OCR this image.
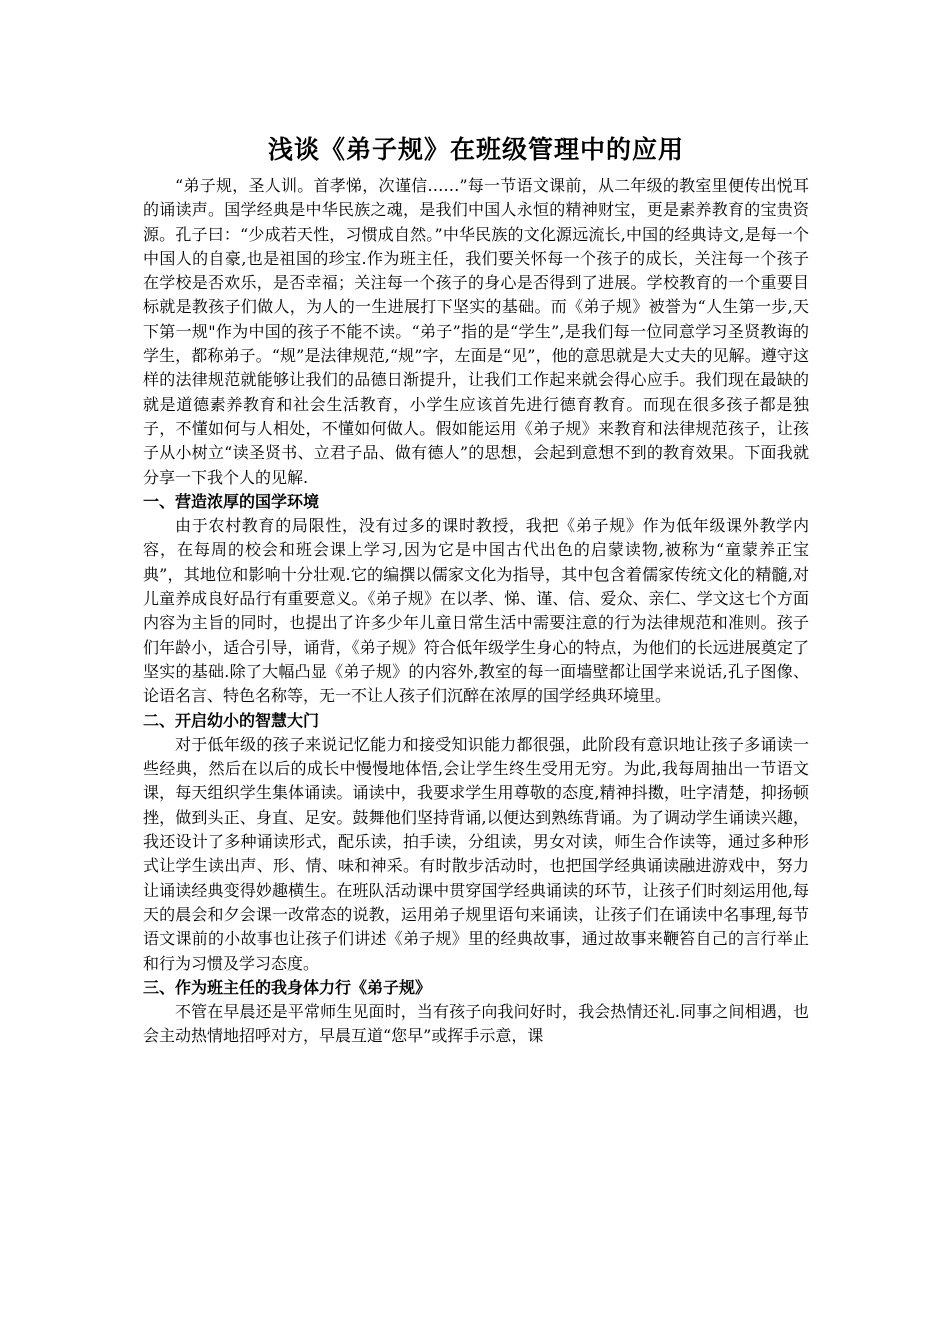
浅谈《弟子规》在班级管理中的应用

“弟子规，圣人训。首孝悌，次谨信……”每一节语文课前，从二年级的教室里便传出悦耳的诵读声。国学经典是中华民族之魂，是我们中国人永恒的精神财宝，更是素养教育的宝贵资源。孔子曰：“少成若天性，习惯成自然。”中华民族的文化源远流长,中国的经典诗文,是每一个中国人的自豪,也是祖国的珍宝.作为班主任，我们要关怀每一个孩子的成长，关注每一个孩子在学校是否欢乐，是否幸福；关注每一个孩子的身心是否得到了进展。学校教育的一个重要目标就是教孩子们做人，为人的一生进展打下坚实的基础。而《弟子规》被誉为“人生第一步,天下第一规"作为中国的孩子不能不读。“弟子”指的是“学生”,是我们每一位同意学习圣贤教诲的学生，都称弟子。“规”是法律规范,“规”字，左面是“见”，他的意思就是大丈夫的见解。遵守这样的法律规范就能够让我们的品德日渐提升，让我们工作起来就会得心应手。我们现在最缺的就是道德素养教育和社会生活教育，小学生应该首先进行德育教育。而现在很多孩子都是独子，不懂如何与人相处，不懂如何做人。假如能运用《弟子规》来教育和法律规范孩子，让孩子从小树立“读圣贤书、立君子品、做有德人”的思想，会起到意想不到的教育效果。下面我就分享一下我个人的见解.

一、营造浓厚的国学环境

由于农村教育的局限性，没有过多的课时教授，我把《弟子规》作为低年级课外教学内容，在每周的校会和班会课上学习,因为它是中国古代出色的启蒙读物,被称为“童蒙养正宝典”，其地位和影响十分壮观.它的编撰以儒家文化为指导，其中包含着儒家传统文化的精髓,对儿童养成良好品行有重要意义。《弟子规》在以孝、悌、谨、信、爱众、亲仁、学文这七个方面内容为主旨的同时，也提出了许多少年儿童日常生活中需要注意的行为法律规范和准则。孩子们年龄小，适合引导，诵背，《弟子规》符合低年级学生身心的特点，为他们的长远进展奠定了坚实的基础.除了大幅凸显《弟子规》的内容外,教室的每一面墙壁都让国学来说话,孔子图像、论语名言、特色名称等，无一不让人孩子们沉醉在浓厚的国学经典环境里。

二、开启幼小的智慧大门

对于低年级的孩子来说记忆能力和接受知识能力都很强，此阶段有意识地让孩子多诵读一些经典，然后在以后的成长中慢慢地体悟,会让学生终生受用无穷。为此,我每周抽出一节语文课，每天组织学生集体诵读。诵读中，我要求学生用尊敬的态度,精神抖擞，吐字清楚，抑扬顿挫，做到头正、身直、足安。鼓舞他们坚持背诵,以便达到熟练背诵。为了调动学生诵读兴趣，我还设计了多种诵读形式，配乐读，拍手读，分组读，男女对读，师生合作读等，通过多种形式让学生读出声、形、情、味和神采。有时散步活动时，也把国学经典诵读融进游戏中，努力让诵读经典变得妙趣横生。在班队活动课中贯穿国学经典诵读的环节，让孩子们时刻运用他,每天的晨会和夕会课一改常态的说教，运用弟子规里语句来诵读，让孩子们在诵读中名事理,每节语文课前的小故事也让孩子们讲述《弟子规》里的经典故事，通过故事来鞭笞自己的言行举止和行为习惯及学习态度。

三、作为班主任的我身体力行《弟子规》

不管在早晨还是平常师生见面时，当有孩子向我问好时，我会热情还礼.同事之间相遇，也会主动热情地招呼对方，早晨互道“您早”或挥手示意，课
